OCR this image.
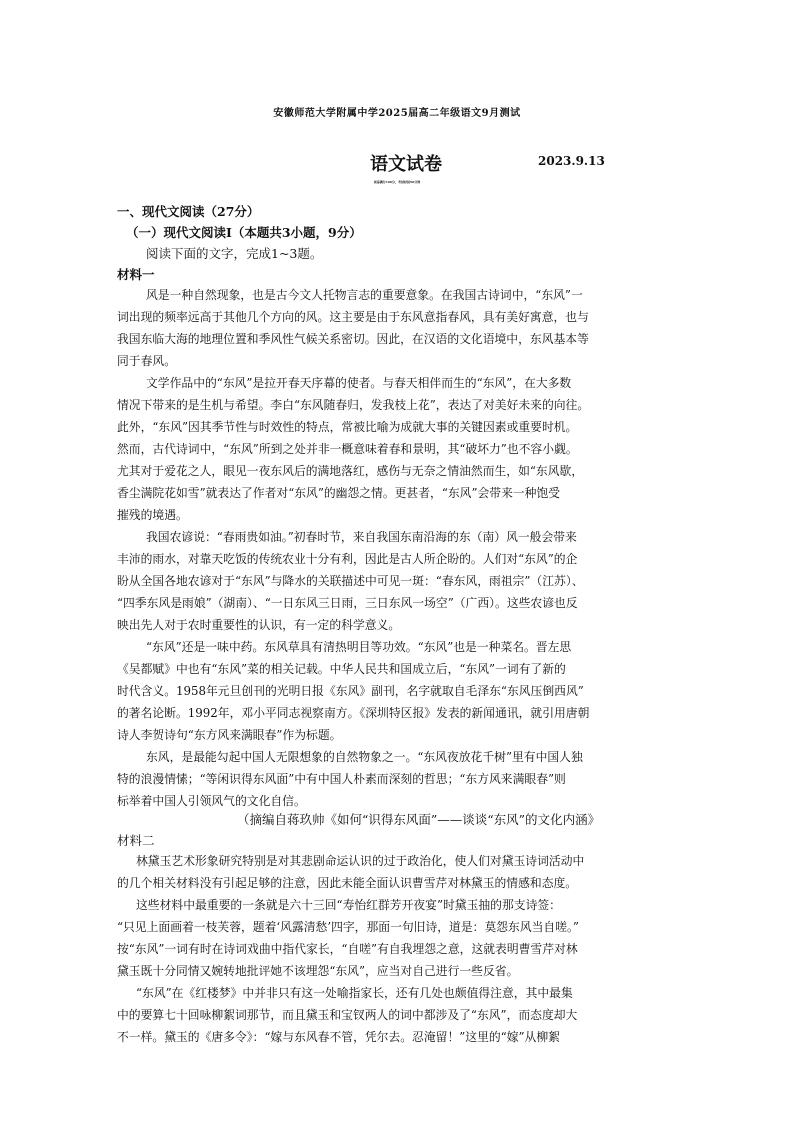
安徽师范大学附属中学2025届高二年级语文9月测试
语文试卷	2023.9.13
试卷满分100分，考试时间90分钟
一、现代文阅读（27分）
（一）现代文阅读Ⅰ（本题共3小题，9分）
阅读下面的文字，完成1~3题。
材料一
风是一种自然现象，也是古今文人托物言志的重要意象。在我国古诗词中，“东风”一
词出现的频率远高于其他几个方向的风。这主要是由于东风意指春风，具有美好寓意，也与
我国东临大海的地理位置和季风性气候关系密切。因此，在汉语的文化语境中，东风基本等
同于春风。
文学作品中的“东风”是拉开春天序幕的使者。与春天相伴而生的“东风”，在大多数
情况下带来的是生机与希望。李白“东风随春归，发我枝上花”，表达了对美好未来的向往。
此外，“东风”因其季节性与时效性的特点，常被比喻为成就大事的关键因素或重要时机。
然而，古代诗词中，“东风”所到之处并非一概意味着春和景明，其“破坏力”也不容小觑。
尤其对于爱花之人，眼见一夜东风后的满地落红，感伤与无奈之情油然而生，如“东风歇，
香尘满院花如雪”就表达了作者对“东风”的幽怨之情。更甚者，“东风”会带来一种饱受
摧残的境遇。
我国农谚说：“春雨贵如油。”初春时节，来自我国东南沿海的东（南）风一般会带来
丰沛的雨水，对靠天吃饭的传统农业十分有利，因此是古人所企盼的。人们对“东风”的企
盼从全国各地农谚对于“东风”与降水的关联描述中可见一斑：“春东风，雨祖宗”（江苏）、
“四季东风是雨娘”（湖南）、“一日东风三日雨，三日东风一场空”（广西）。这些农谚也反
映出先人对于农时重要性的认识，有一定的科学意义。
“东风”还是一味中药。东风草具有清热明目等功效。“东风”也是一种菜名。晋左思
《吴都赋》中也有“东风”菜的相关记载。中华人民共和国成立后，“东风”一词有了新的
时代含义。1958年元旦创刊的光明日报《东风》副刊，名字就取自毛泽东“东风压倒西风”
的著名论断。1992年，邓小平同志视察南方。《深圳特区报》发表的新闻通讯，就引用唐朝
诗人李贺诗句“东方风来满眼春”作为标题。
东风，是最能勾起中国人无限想象的自然物象之一。“东风夜放花千树”里有中国人独
特的浪漫情愫；“等闲识得东风面”中有中国人朴素而深刻的哲思；“东方风来满眼春”则
标举着中国人引领风气的文化自信。
（摘编自蒋玖帅《如何“识得东风面”——谈谈“东风”的文化内涵》
材料二
林黛玉艺术形象研究特别是对其悲剧命运认识的过于政治化，使人们对黛玉诗词活动中
的几个相关材料没有引起足够的注意，因此未能全面认识曹雪芹对林黛玉的情感和态度。
这些材料中最重要的一条就是六十三回“寿怡红群芳开夜宴”时黛玉抽的那支诗签：
“只见上面画着一枝芙蓉，题着‘风露清愁’四字，那面一句旧诗，道是：莫怨东风当自嗟。”
按“东风”一词有时在诗词戏曲中指代家长，“自嗟”有自我埋怨之意，这就表明曹雪芹对林
黛玉既十分同情又婉转地批评她不该埋怨“东风”，应当对自己进行一些反省。
“东风”在《红楼梦》中并非只有这一处喻指家长，还有几处也颇值得注意，其中最集
中的要算七十回咏柳絮词那节，而且黛玉和宝钗两人的词中都涉及了“东风”，而态度却大
不一样。黛玉的《唐多令》：“嫁与东风春不管，凭尔去。忍淹留！”这里的“嫁”从柳絮
